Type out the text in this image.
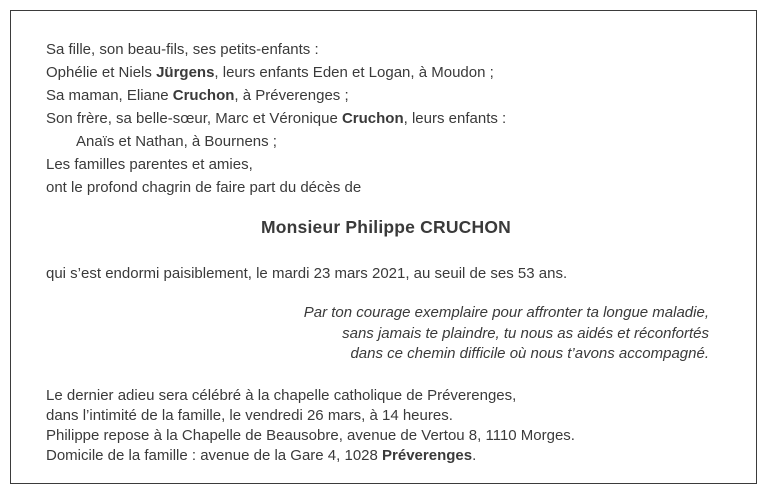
Sa fille, son beau-fils, ses petits-enfants :
Ophélie et Niels Jürgens, leurs enfants Eden et Logan, à Moudon ;
Sa maman, Eliane Cruchon, à Préverenges ;
Son frère, sa belle-sœur, Marc et Véronique Cruchon, leurs enfants :
Anaïs et Nathan, à Bournens ;
Les familles parentes et amies,
ont le profond chagrin de faire part du décès de
Monsieur Philippe CRUCHON
qui s’est endormi paisiblement, le mardi 23 mars 2021, au seuil de ses 53 ans.
Par ton courage exemplaire pour affronter ta longue maladie,
sans jamais te plaindre, tu nous as aidés et réconfortés
dans ce chemin difficile où nous t’avons accompagné.
Le dernier adieu sera célébré à la chapelle catholique de Préverenges,
dans l’intimité de la famille, le vendredi 26 mars, à 14 heures.
Philippe repose à la Chapelle de Beausobre, avenue de Vertou 8, 1110 Morges.
Domicile de la famille : avenue de la Gare 4, 1028 Préverenges.
